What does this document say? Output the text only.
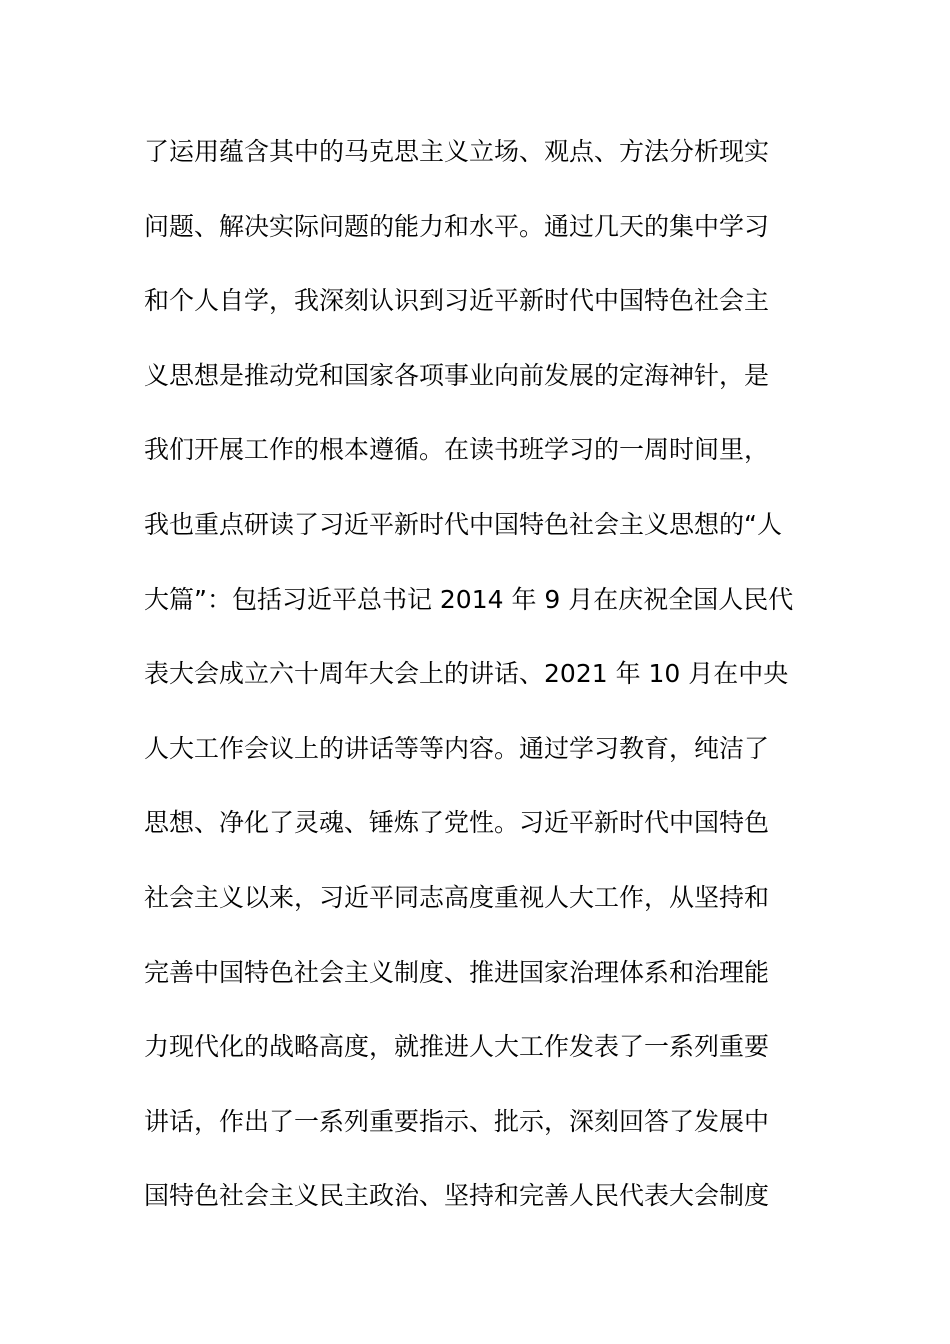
了运用蕴含其中的马克思主义立场、观点、方法分析现实
问题、解决实际问题的能力和水平。通过几天的集中学习
和个人自学，我深刻认识到习近平新时代中国特色社会主
义思想是推动党和国家各项事业向前发展的定海神针，是
我们开展工作的根本遵循。在读书班学习的一周时间里，
我也重点研读了习近平新时代中国特色社会主义思想的“人
大篇”：包括习近平总书记 2014 年 9 月在庆祝全国人民代
表大会成立六十周年大会上的讲话、2021 年 10 月在中央
人大工作会议上的讲话等等内容。通过学习教育，纯洁了
思想、净化了灵魂、锤炼了党性。习近平新时代中国特色
社会主义以来，习近平同志高度重视人大工作，从坚持和
完善中国特色社会主义制度、推进国家治理体系和治理能
力现代化的战略高度，就推进人大工作发表了一系列重要
讲话，作出了一系列重要指示、批示，深刻回答了发展中
国特色社会主义民主政治、坚持和完善人民代表大会制度
